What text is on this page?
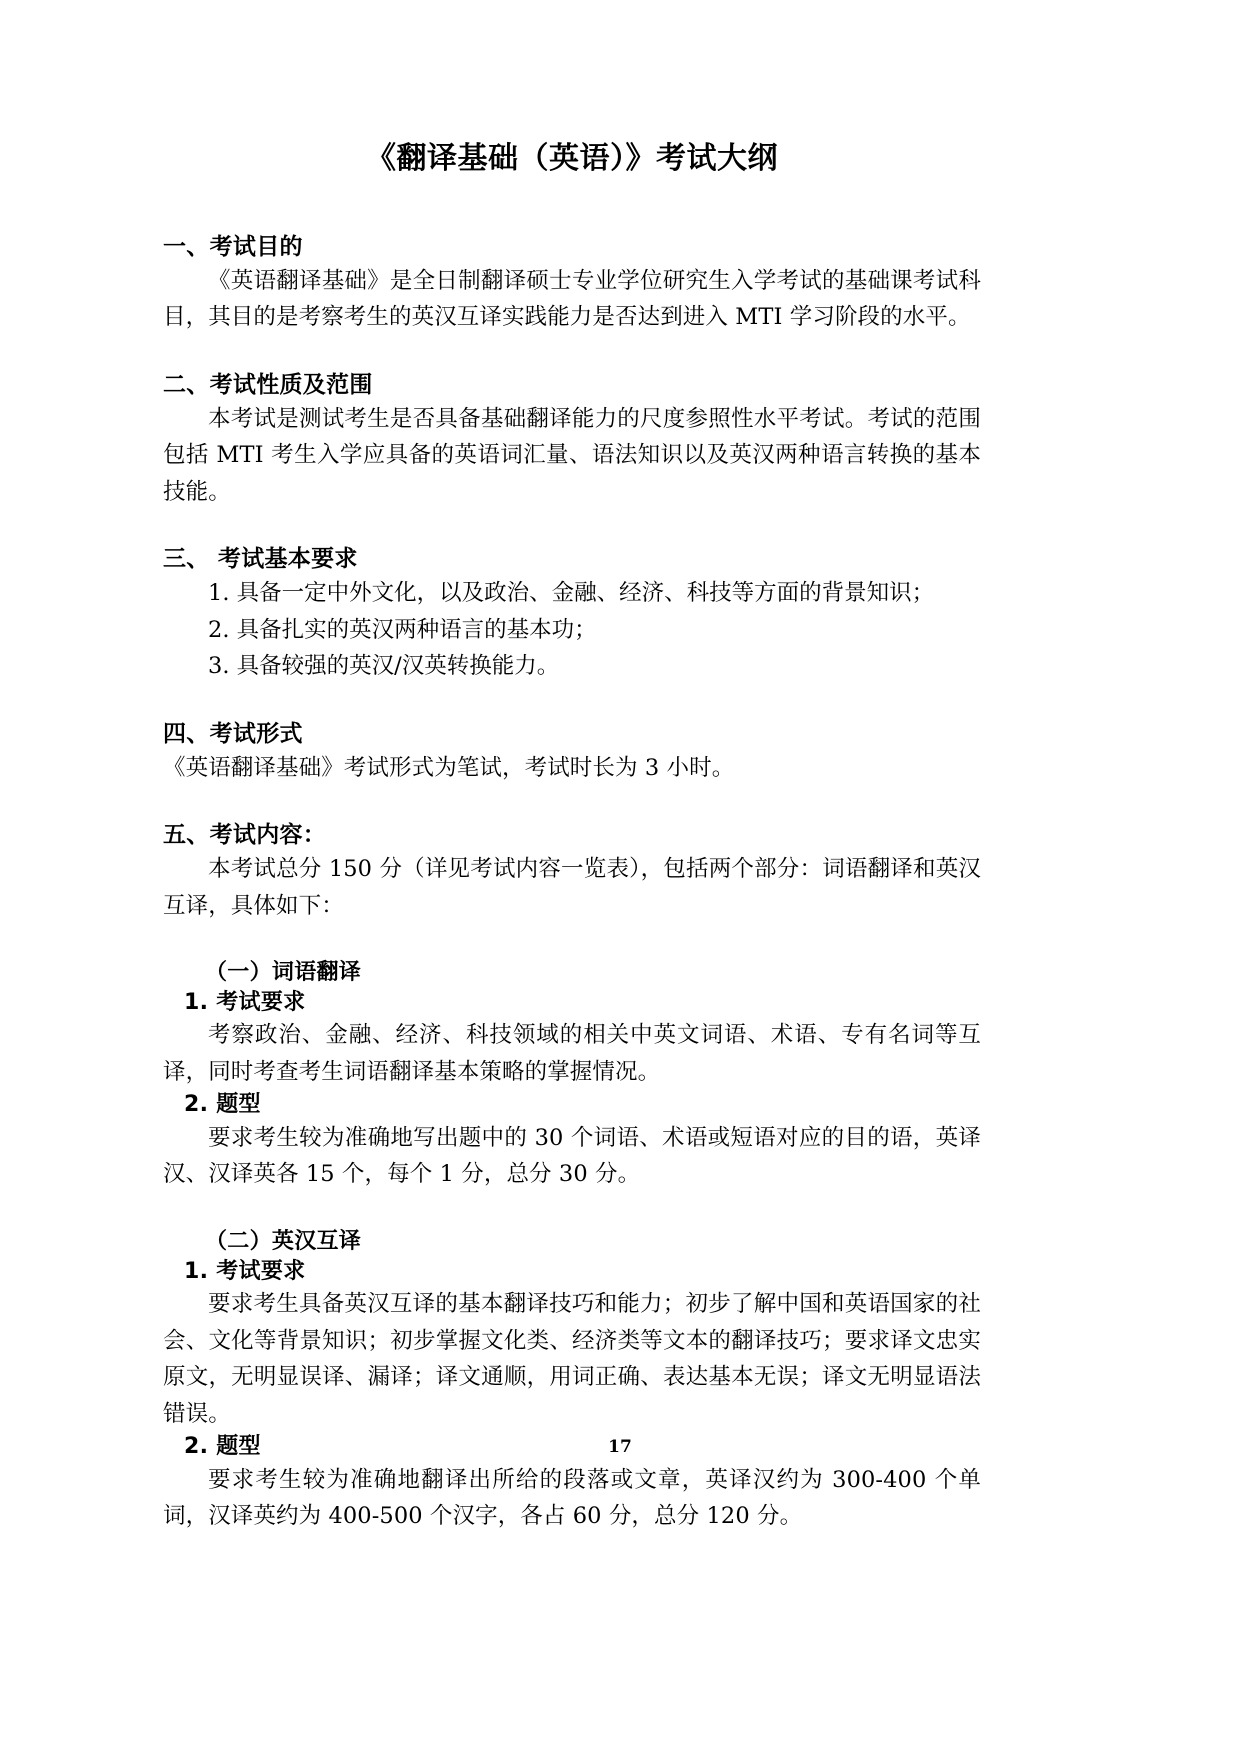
《翻译基础（英语）》考试大纲
一、考试目的

《英语翻译基础》是全日制翻译硕士专业学位研究生入学考试的基础课考试科目，其目的是考察考生的英汉互译实践能力是否达到进入 MTI 学习阶段的水平。

二、考试性质及范围

本考试是测试考生是否具备基础翻译能力的尺度参照性水平考试。考试的范围包括 MTI 考生入学应具备的英语词汇量、语法知识以及英汉两种语言转换的基本技能。

三、 考试基本要求

1. 具备一定中外文化，以及政治、金融、经济、科技等方面的背景知识；

2. 具备扎实的英汉两种语言的基本功；

3. 具备较强的英汉/汉英转换能力。

四、考试形式

《英语翻译基础》考试形式为笔试，考试时长为 3 小时。

五、考试内容：

本考试总分 150 分（详见考试内容一览表），包括两个部分：词语翻译和英汉互译，具体如下：

（一）词语翻译
1. 考试要求

考察政治、金融、经济、科技领域的相关中英文词语、术语、专有名词等互译，同时考查考生词语翻译基本策略的掌握情况。

2. 题型

要求考生较为准确地写出题中的 30 个词语、术语或短语对应的目的语，英译汉、汉译英各 15 个，每个 1 分，总分 30 分。

（二）英汉互译
1. 考试要求

要求考生具备英汉互译的基本翻译技巧和能力；初步了解中国和英语国家的社会、文化等背景知识；初步掌握文化类、经济类等文本的翻译技巧；要求译文忠实原文，无明显误译、漏译；译文通顺，用词正确、表达基本无误；译文无明显语法错误。

2. 题型

要求考生较为准确地翻译出所给的段落或文章，英译汉约为 300-400 个单词，汉译英约为 400-500 个汉字，各占 60 分，总分 120 分。

17
